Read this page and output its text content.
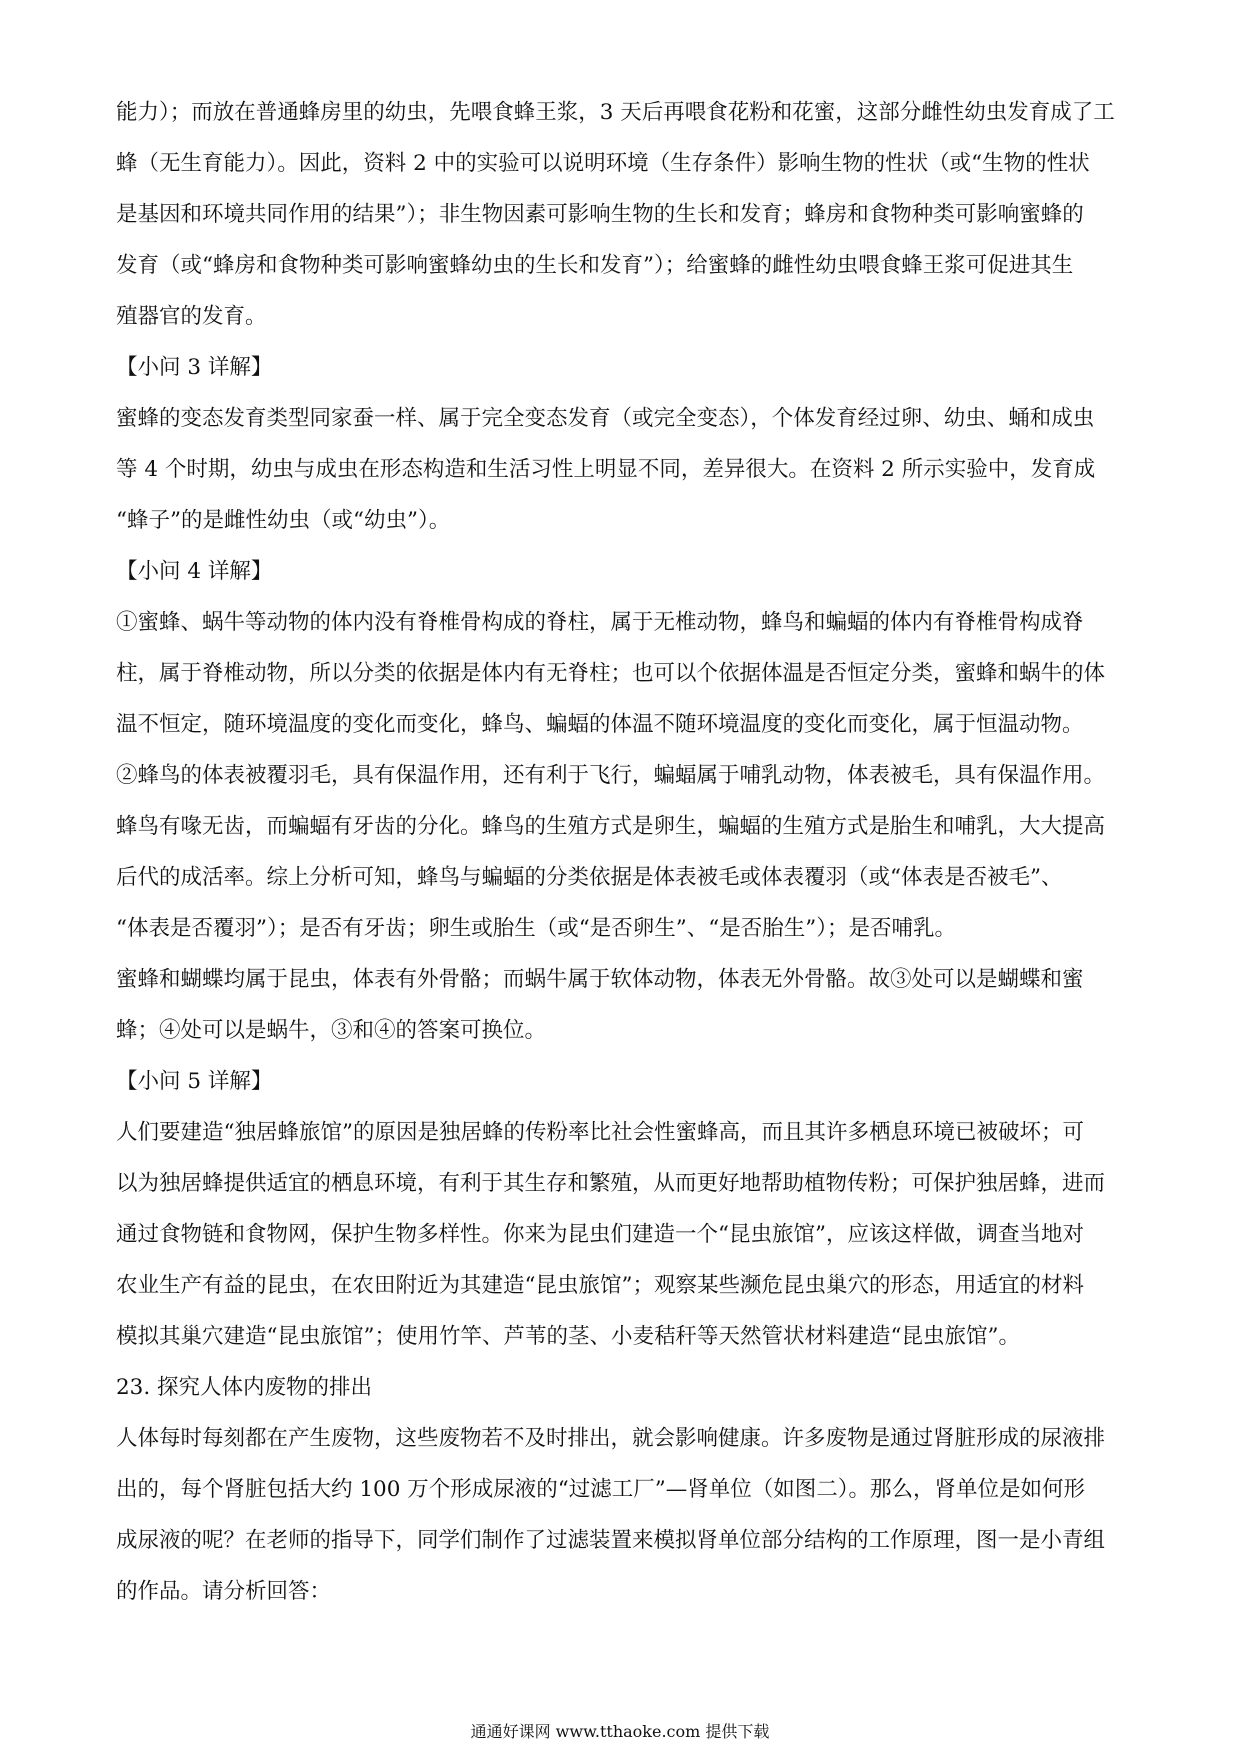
能力）；而放在普通蜂房里的幼虫，先喂食蜂王浆，3 天后再喂食花粉和花蜜，这部分雌性幼虫发育成了工
蜂（无生育能力）。因此，资料 2 中的实验可以说明环境（生存条件）影响生物的性状（或“生物的性状
是基因和环境共同作用的结果”）；非生物因素可影响生物的生长和发育；蜂房和食物种类可影响蜜蜂的
发育（或“蜂房和食物种类可影响蜜蜂幼虫的生长和发育”）；给蜜蜂的雌性幼虫喂食蜂王浆可促进其生
殖器官的发育。
【小问 3 详解】
蜜蜂的变态发育类型同家蚕一样、属于完全变态发育（或完全变态），个体发育经过卵、幼虫、蛹和成虫
等 4 个时期，幼虫与成虫在形态构造和生活习性上明显不同，差异很大。在资料 2 所示实验中，发育成
“蜂子”的是雌性幼虫（或“幼虫”）。
【小问 4 详解】
①蜜蜂、蜗牛等动物的体内没有脊椎骨构成的脊柱，属于无椎动物，蜂鸟和蝙蝠的体内有脊椎骨构成脊
柱，属于脊椎动物，所以分类的依据是体内有无脊柱；也可以个依据体温是否恒定分类，蜜蜂和蜗牛的体
温不恒定，随环境温度的变化而变化，蜂鸟、蝙蝠的体温不随环境温度的变化而变化，属于恒温动物。
②蜂鸟的体表被覆羽毛，具有保温作用，还有利于飞行，蝙蝠属于哺乳动物，体表被毛，具有保温作用。
蜂鸟有喙无齿，而蝙蝠有牙齿的分化。蜂鸟的生殖方式是卵生，蝙蝠的生殖方式是胎生和哺乳，大大提高
后代的成活率。综上分析可知，蜂鸟与蝙蝠的分类依据是体表被毛或体表覆羽（或“体表是否被毛”、
“体表是否覆羽”）；是否有牙齿；卵生或胎生（或“是否卵生”、“是否胎生”）；是否哺乳。
蜜蜂和蝴蝶均属于昆虫，体表有外骨骼；而蜗牛属于软体动物，体表无外骨骼。故③处可以是蝴蝶和蜜
蜂；④处可以是蜗牛，③和④的答案可换位。
【小问 5 详解】
人们要建造“独居蜂旅馆”的原因是独居蜂的传粉率比社会性蜜蜂高，而且其许多栖息环境已被破坏；可
以为独居蜂提供适宜的栖息环境，有利于其生存和繁殖，从而更好地帮助植物传粉；可保护独居蜂，进而
通过食物链和食物网，保护生物多样性。你来为昆虫们建造一个“昆虫旅馆”，应该这样做，调查当地对
农业生产有益的昆虫，在农田附近为其建造“昆虫旅馆”；观察某些濒危昆虫巢穴的形态，用适宜的材料
模拟其巢穴建造“昆虫旅馆”；使用竹竿、芦苇的茎、小麦秸秆等天然管状材料建造“昆虫旅馆”。
23. 探究人体内废物的排出
人体每时每刻都在产生废物，这些废物若不及时排出，就会影响健康。许多废物是通过肾脏形成的尿液排
出的，每个肾脏包括大约 100 万个形成尿液的“过滤工厂”—肾单位（如图二）。那么，肾单位是如何形
成尿液的呢？在老师的指导下，同学们制作了过滤装置来模拟肾单位部分结构的工作原理，图一是小青组
的作品。请分析回答：
通通好课网 www.tthaoke.com 提供下载
